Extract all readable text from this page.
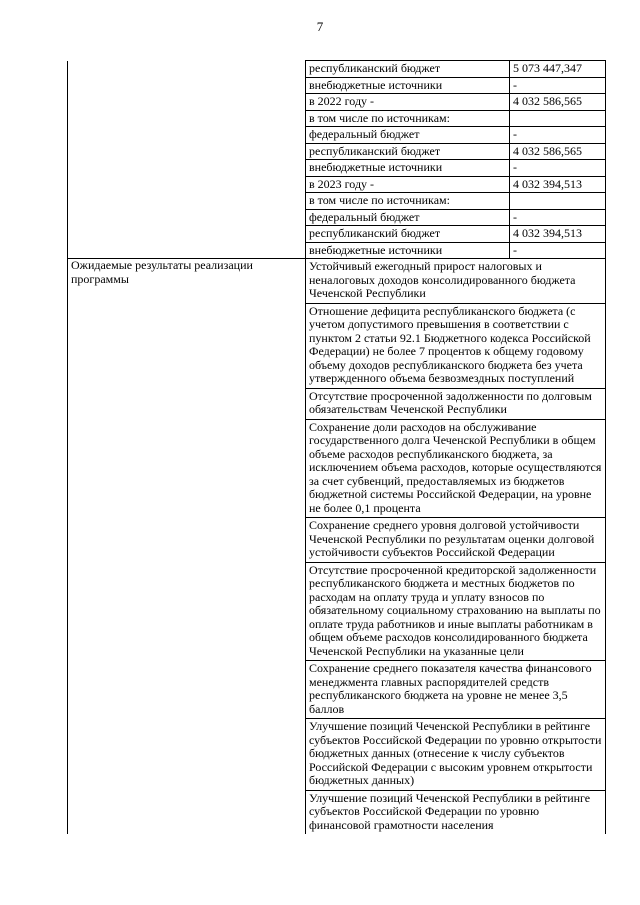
7
	республиканский бюджет	5 073 447,347
	внебюджетные источники	-
	в 2022 году -	4 032 586,565
	в том числе по источникам:	
	федеральный бюджет	-
	республиканский бюджет	4 032 586,565
	внебюджетные источники	-
	в 2023 году -	4 032 394,513
	в том числе по источникам:	
	федеральный бюджет	-
	республиканский бюджет	4 032 394,513
	внебюджетные источники	-
Ожидаемые результаты реализации программы	Устойчивый ежегодный прирост налоговых и неналоговых доходов консолидированного бюджета Чеченской Республики	
	Отношение дефицита республиканского бюджета (с учетом допустимого превышения в соответствии с пунктом 2 статьи 92.1 Бюджетного кодекса Российской Федерации) не более 7 процентов к общему годовому объему доходов республиканского бюджета без учета утвержденного объема безвозмездных поступлений	
	Отсутствие просроченной задолженности по долговым обязательствам Чеченской Республики	
	Сохранение доли расходов на обслуживание государственного долга Чеченской Республики в общем объеме расходов республиканского бюджета, за исключением объема расходов, которые осуществляются за счет субвенций, предоставляемых из бюджетов бюджетной системы Российской Федерации, на уровне не более 0,1 процента	
	Сохранение среднего уровня долговой устойчивости Чеченской Республики по результатам оценки долговой устойчивости субъектов Российской Федерации	
	Отсутствие просроченной кредиторской задолженности республиканского бюджета и местных бюджетов по расходам на оплату труда и уплату взносов по обязательному социальному страхованию на выплаты по оплате труда работников и иные выплаты работникам в общем объеме расходов консолидированного бюджета Чеченской Республики на указанные цели	
	Сохранение среднего показателя качества финансового менеджмента главных распорядителей средств республиканского бюджета на уровне не менее 3,5 баллов	
	Улучшение позиций Чеченской Республики в рейтинге субъектов Российской Федерации по уровню открытости бюджетных данных (отнесение к числу субъектов Российской Федерации с высоким уровнем открытости бюджетных данных)	
	Улучшение позиций Чеченской Республики в рейтинге субъектов Российской Федерации по уровню финансовой грамотности населения	
